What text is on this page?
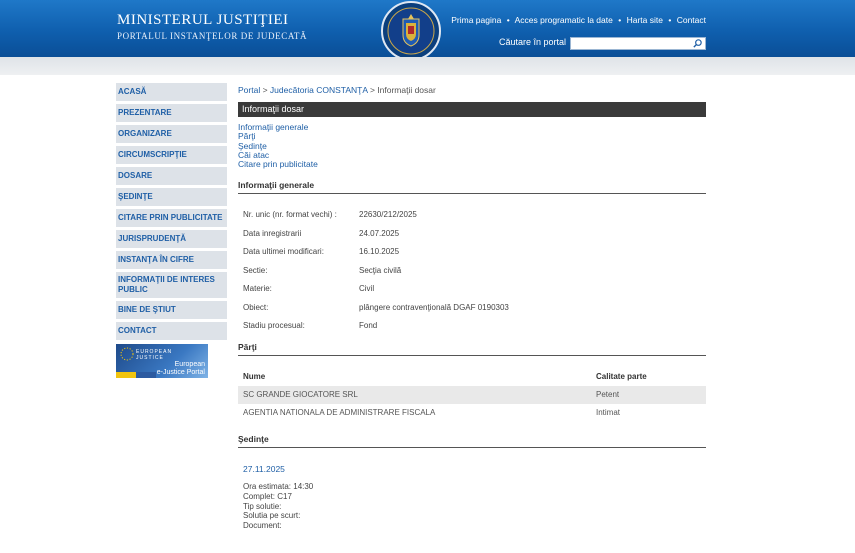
MINISTERUL JUSTIŢIEI
PORTALUL INSTANŢELOR DE JUDECATĂ
Prima pagina • Acces programatic la date • Harta site • Contact
Căutare în portal
ACASĂ
PREZENTARE
ORGANIZARE
CIRCUMSCRIPŢIE
DOSARE
ŞEDINŢE
CITARE PRIN PUBLICITATE
JURISPRUDENŢĂ
INSTANŢA ÎN CIFRE
INFORMAŢII DE INTERES PUBLIC
BINE DE ŞTIUT
CONTACT
EUROPEAN
JUSTICE
European
e-Justice Portal
Portal > Judecătoria CONSTANŢA > Informaţii dosar
Informaţii dosar
Informaţii generale
Părţi
Şedinţe
Căi atac
Citare prin publicitate
Informaţii generale
Nr. unic (nr. format vechi) :	22630/212/2025
Data inregistrarii	24.07.2025
Data ultimei modificari:	16.10.2025
Sectie:	Secţia civilă
Materie:	Civil
Obiect:	plângere contravenţională DGAF 0190303
Stadiu procesual:	Fond
Părţi
Nume	Calitate parte
SC GRANDE GIOCATORE SRL	Petent
AGENTIA NATIONALA DE ADMINISTRARE FISCALA	Intimat
Şedinţe
27.11.2025
Ora estimata: 14:30
Complet: C17
Tip solutie:
Solutia pe scurt:
Document:
